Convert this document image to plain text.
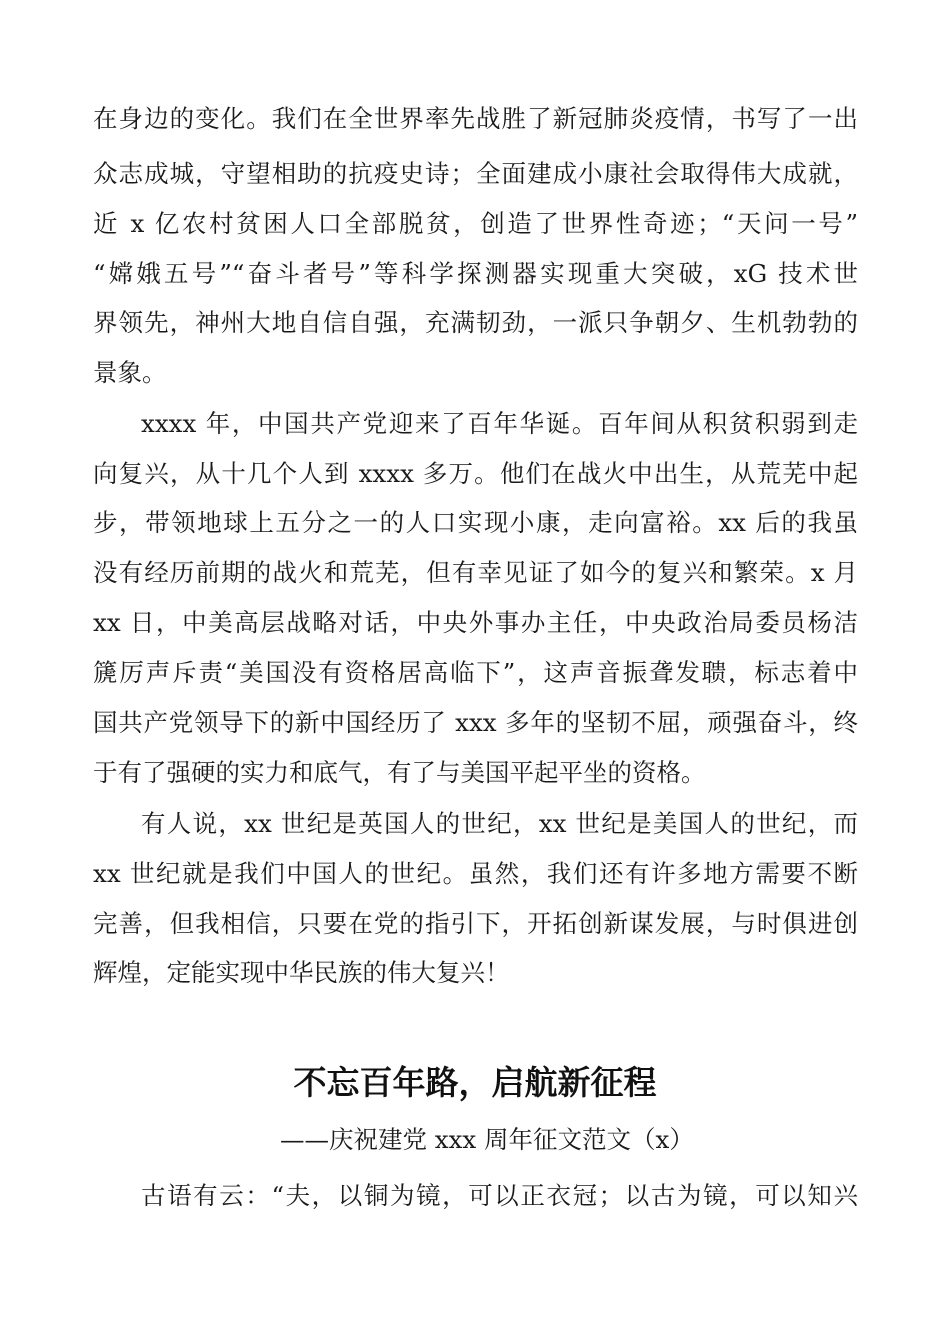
在身边的变化。我们在全世界率先战胜了新冠肺炎疫情，书写了一出

众志成城，守望相助的抗疫史诗；全面建成小康社会取得伟大成就，

近 x 亿农村贫困人口全部脱贫，创造了世界性奇迹；“天问一号”

“嫦娥五号”“奋斗者号”等科学探测器实现重大突破，xG 技术世

界领先，神州大地自信自强，充满韧劲，一派只争朝夕、生机勃勃的

景象。

xxxx 年，中国共产党迎来了百年华诞。百年间从积贫积弱到走

向复兴，从十几个人到 xxxx 多万。他们在战火中出生，从荒芜中起

步，带领地球上五分之一的人口实现小康，走向富裕。xx 后的我虽

没有经历前期的战火和荒芜，但有幸见证了如今的复兴和繁荣。x 月

xx 日，中美高层战略对话，中央外事办主任，中央政治局委员杨洁

篪厉声斥责“美国没有资格居高临下”，这声音振聋发聩，标志着中

国共产党领导下的新中国经历了 xxx 多年的坚韧不屈，顽强奋斗，终

于有了强硬的实力和底气，有了与美国平起平坐的资格。

有人说，xx 世纪是英国人的世纪，xx 世纪是美国人的世纪，而

xx 世纪就是我们中国人的世纪。虽然，我们还有许多地方需要不断

完善，但我相信，只要在党的指引下，开拓创新谋发展，与时俱进创

辉煌，定能实现中华民族的伟大复兴！

不忘百年路，启航新征程

——庆祝建党 xxx 周年征文范文（x）

古语有云：“夫，以铜为镜，可以正衣冠；以古为镜，可以知兴
